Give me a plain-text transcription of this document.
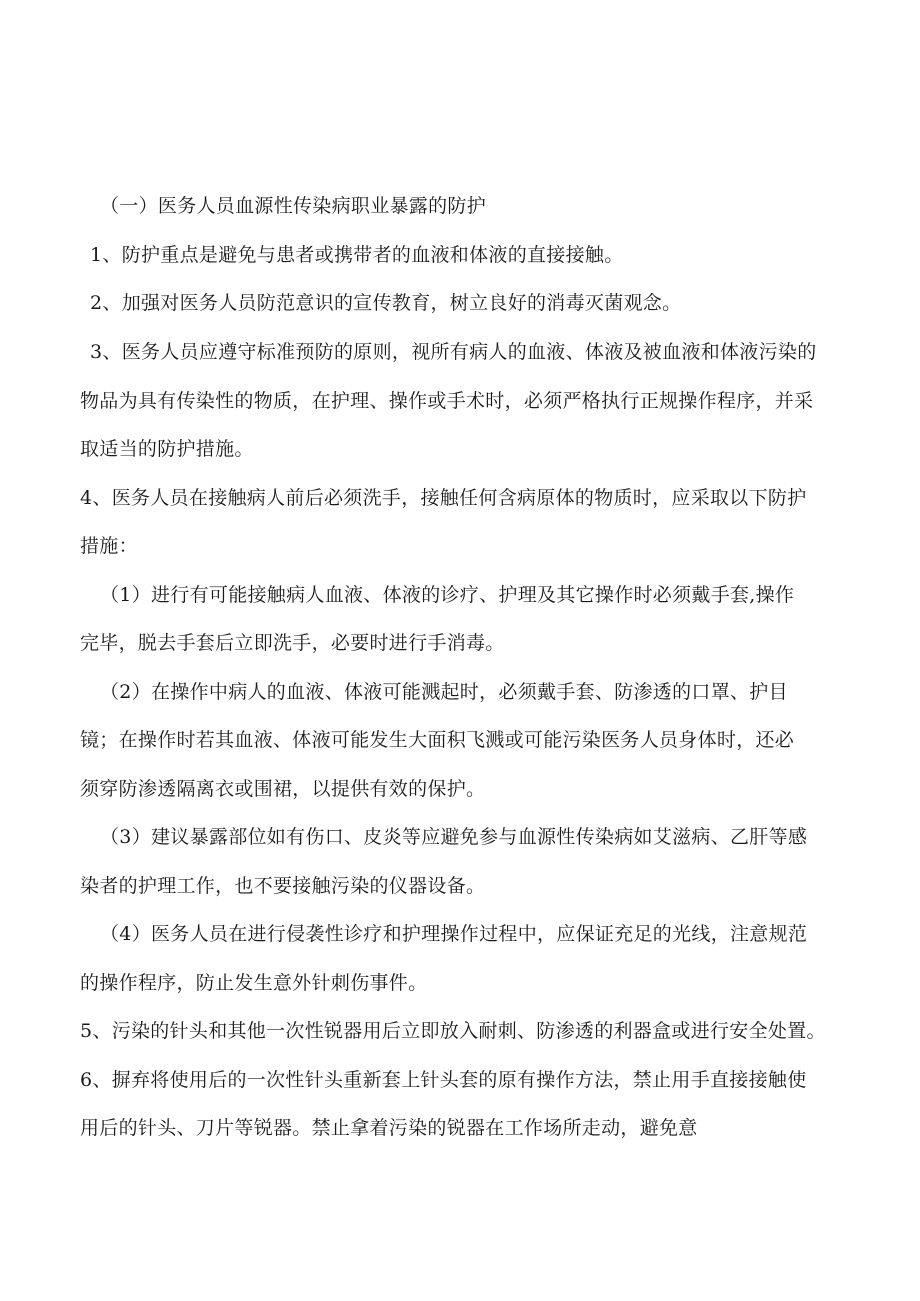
（一）医务人员血源性传染病职业暴露的防护
1、防护重点是避免与患者或携带者的血液和体液的直接接触。
2、加强对医务人员防范意识的宣传教育，树立良好的消毒灭菌观念。
3、医务人员应遵守标准预防的原则，视所有病人的血液、体液及被血液和体液污染的
物品为具有传染性的物质，在护理、操作或手术时，必须严格执行正规操作程序，并采
取适当的防护措施。
4、医务人员在接触病人前后必须洗手，接触任何含病原体的物质时，应采取以下防护
措施：
（1）进行有可能接触病人血液、体液的诊疗、护理及其它操作时必须戴手套,操作
完毕，脱去手套后立即洗手，必要时进行手消毒。
（2）在操作中病人的血液、体液可能溅起时，必须戴手套、防渗透的口罩、护目
镜；在操作时若其血液、体液可能发生大面积飞溅或可能污染医务人员身体时，还必
须穿防渗透隔离衣或围裙，以提供有效的保护。
（3）建议暴露部位如有伤口、皮炎等应避免参与血源性传染病如艾滋病、乙肝等感
染者的护理工作，也不要接触污染的仪器设备。
（4）医务人员在进行侵袭性诊疗和护理操作过程中，应保证充足的光线，注意规范
的操作程序，防止发生意外针刺伤事件。
5、污染的针头和其他一次性锐器用后立即放入耐刺、防渗透的利器盒或进行安全处置。
6、摒弃将使用后的一次性针头重新套上针头套的原有操作方法，禁止用手直接接触使
用后的针头、刀片等锐器。禁止拿着污染的锐器在工作场所走动，避免意
